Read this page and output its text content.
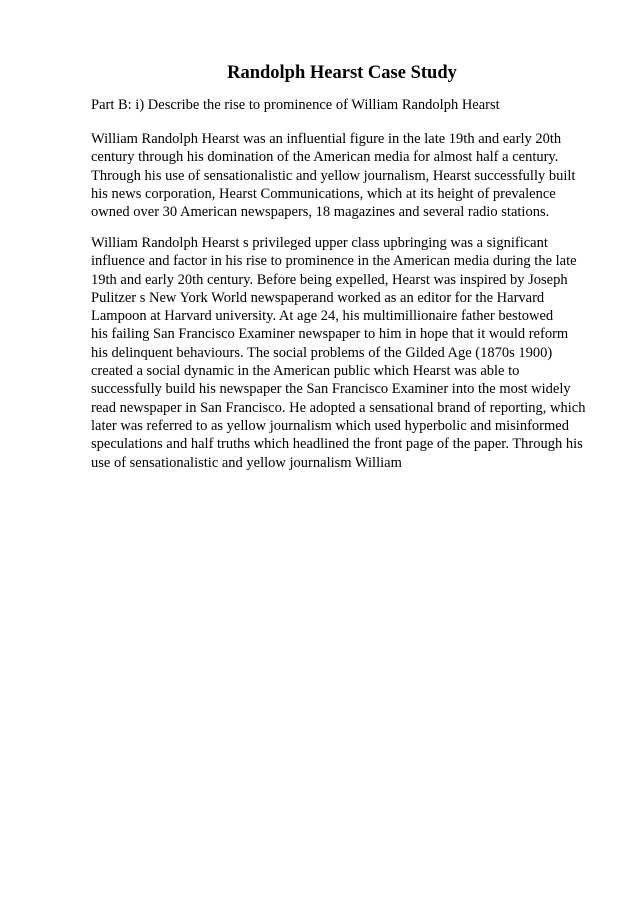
Randolph Hearst Case Study

Part B: i) Describe the rise to prominence of William Randolph Hearst

William Randolph Hearst was an influential figure in the late 19th and early 20th
century through his domination of the American media for almost half a century.
Through his use of sensationalistic and yellow journalism, Hearst successfully built
his news corporation, Hearst Communications, which at its height of prevalence
owned over 30 American newspapers, 18 magazines and several radio stations.

William Randolph Hearst s privileged upper class upbringing was a significant
influence and factor in his rise to prominence in the American media during the late
19th and early 20th century. Before being expelled, Hearst was inspired by Joseph
Pulitzer s New York World newspaperand worked as an editor for the Harvard
Lampoon at Harvard university. At age 24, his multimillionaire father bestowed
his failing San Francisco Examiner newspaper to him in hope that it would reform
his delinquent behaviours. The social problems of the Gilded Age (1870s 1900)
created a social dynamic in the American public which Hearst was able to
successfully build his newspaper the San Francisco Examiner into the most widely
read newspaper in San Francisco. He adopted a sensational brand of reporting, which
later was referred to as yellow journalism which used hyperbolic and misinformed
speculations and half truths which headlined the front page of the paper. Through his
use of sensationalistic and yellow journalism William
